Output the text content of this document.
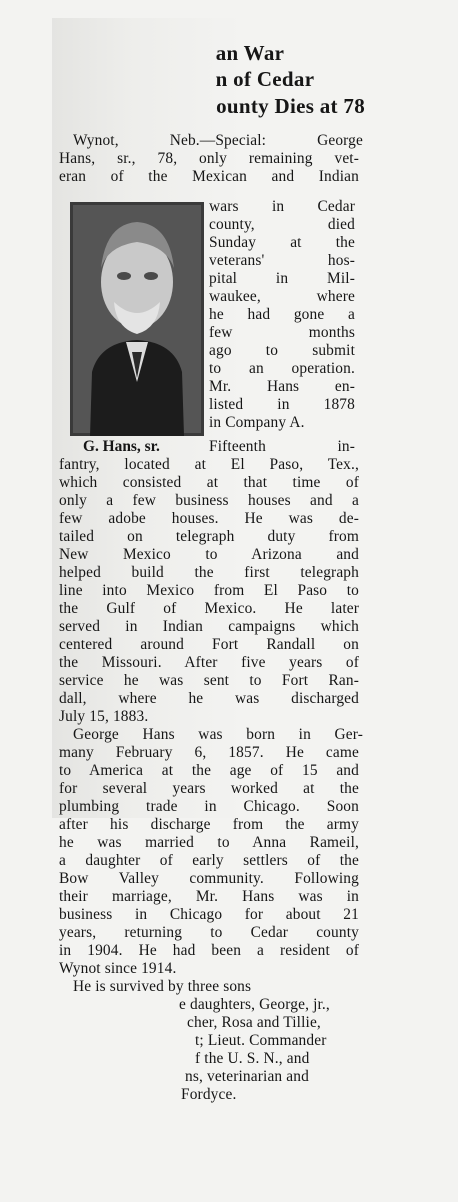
an War
n of Cedar
ounty Dies at 78
Wynot, Neb.—Special: George
Hans, sr., 78, only remaining vet-
eran of the Mexican and Indian
wars in Cedar
county, died
Sunday at the
veterans' hos-
pital in Mil-
waukee, where
he had gone a
few months
ago to submit
to an operation.
Mr. Hans en-
listed in 1878
in Company A.
G. Hans, sr.	Fifteenth in-
fantry, located at El Paso, Tex.,
which consisted at that time of
only a few business houses and a
few adobe houses. He was de-
tailed on telegraph duty from
New Mexico to Arizona and
helped build the first telegraph
line into Mexico from El Paso to
the Gulf of Mexico. He later
served in Indian campaigns which
centered around Fort Randall on
the Missouri. After five years of
service he was sent to Fort Ran-
dall, where he was discharged
July 15, 1883.
George Hans was born in Ger-
many February 6, 1857. He came
to America at the age of 15 and
for several years worked at the
plumbing trade in Chicago. Soon
after his discharge from the army
he was married to Anna Rameil,
a daughter of early settlers of the
Bow Valley community. Following
their marriage, Mr. Hans was in
business in Chicago for about 21
years, returning to Cedar county
in 1904. He had been a resident of
Wynot since 1914.
He is survived by three sons
e daughters, George, jr.,
cher, Rosa and Tillie,
t; Lieut. Commander
f the U. S. N., and
ns, veterinarian and
Fordyce.
